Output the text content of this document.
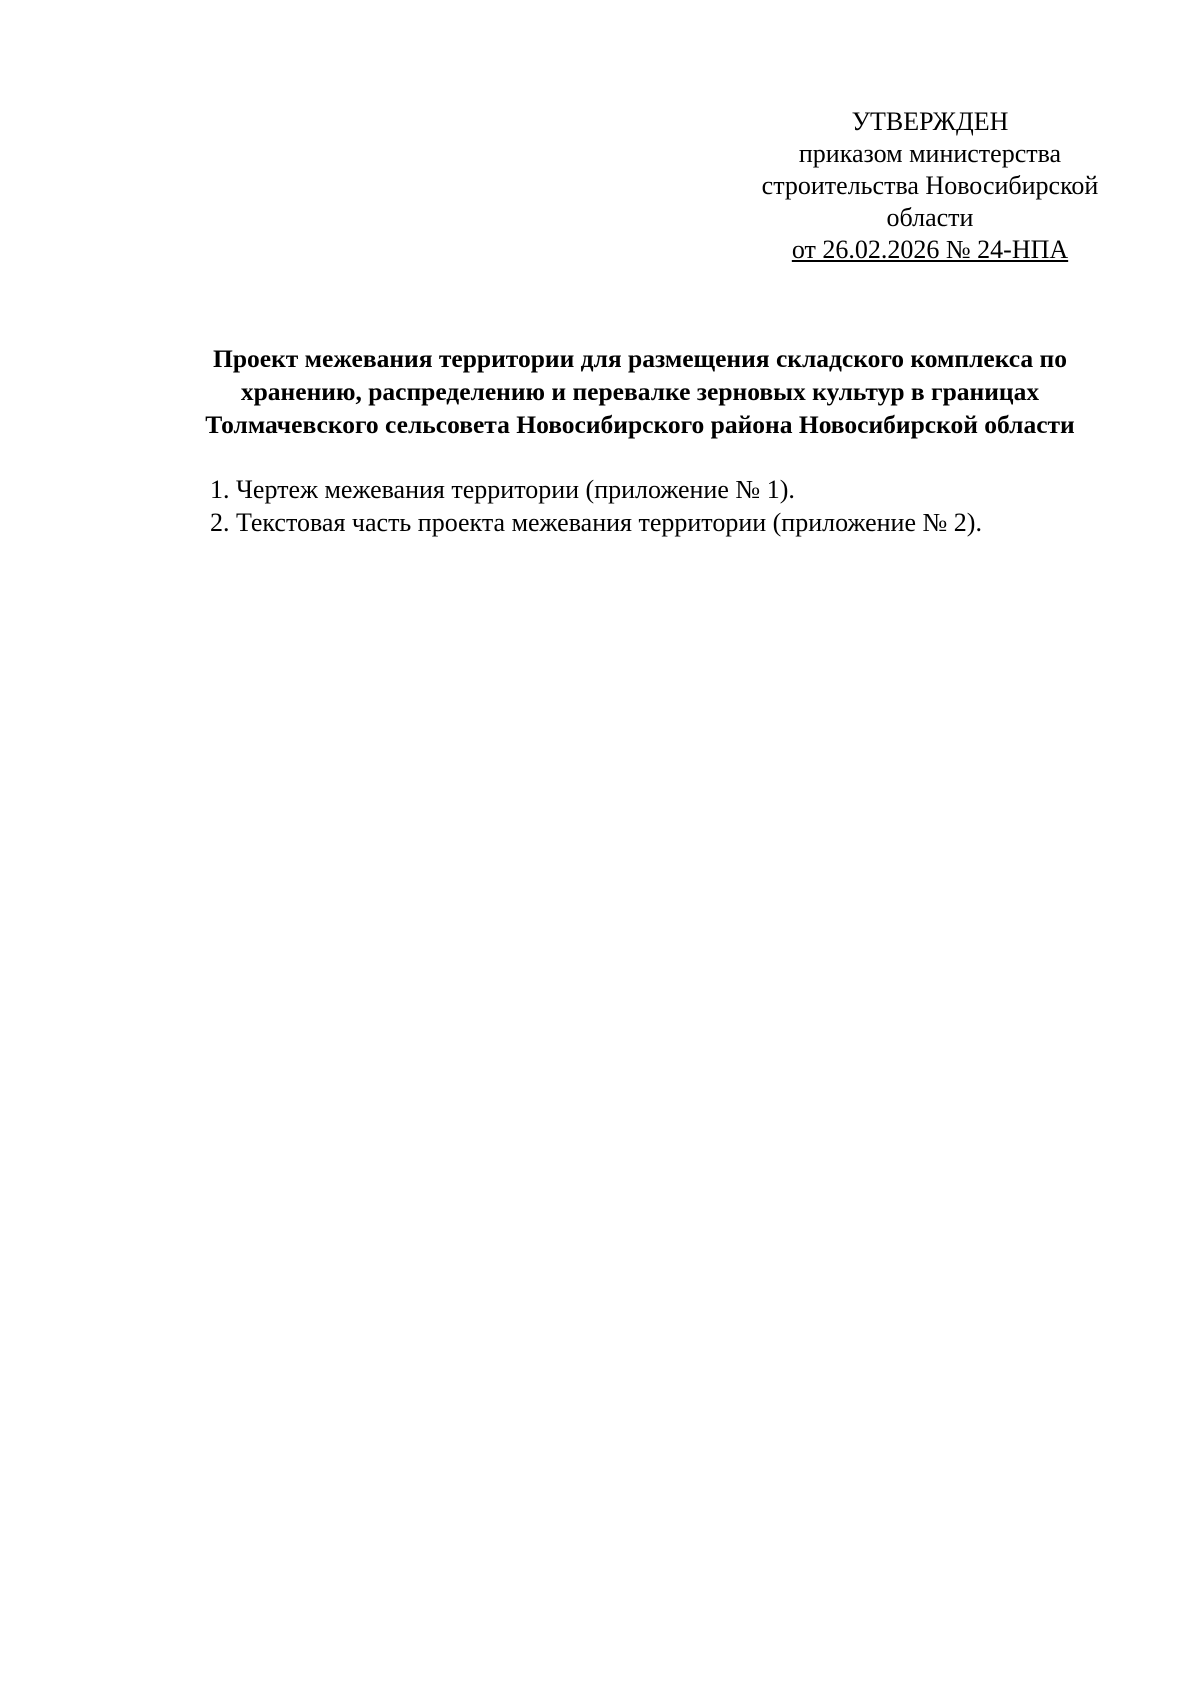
УТВЕРЖДЕН
приказом министерства
строительства Новосибирской
области
от 26.02.2026 № 24-НПА
Проект межевания территории для размещения складского комплекса по
хранению, распределению и перевалке зерновых культур в границах
Толмачевского сельсовета Новосибирского района Новосибирской области
1. Чертеж межевания территории (приложение № 1).
2. Текстовая часть проекта межевания территории (приложение № 2).
